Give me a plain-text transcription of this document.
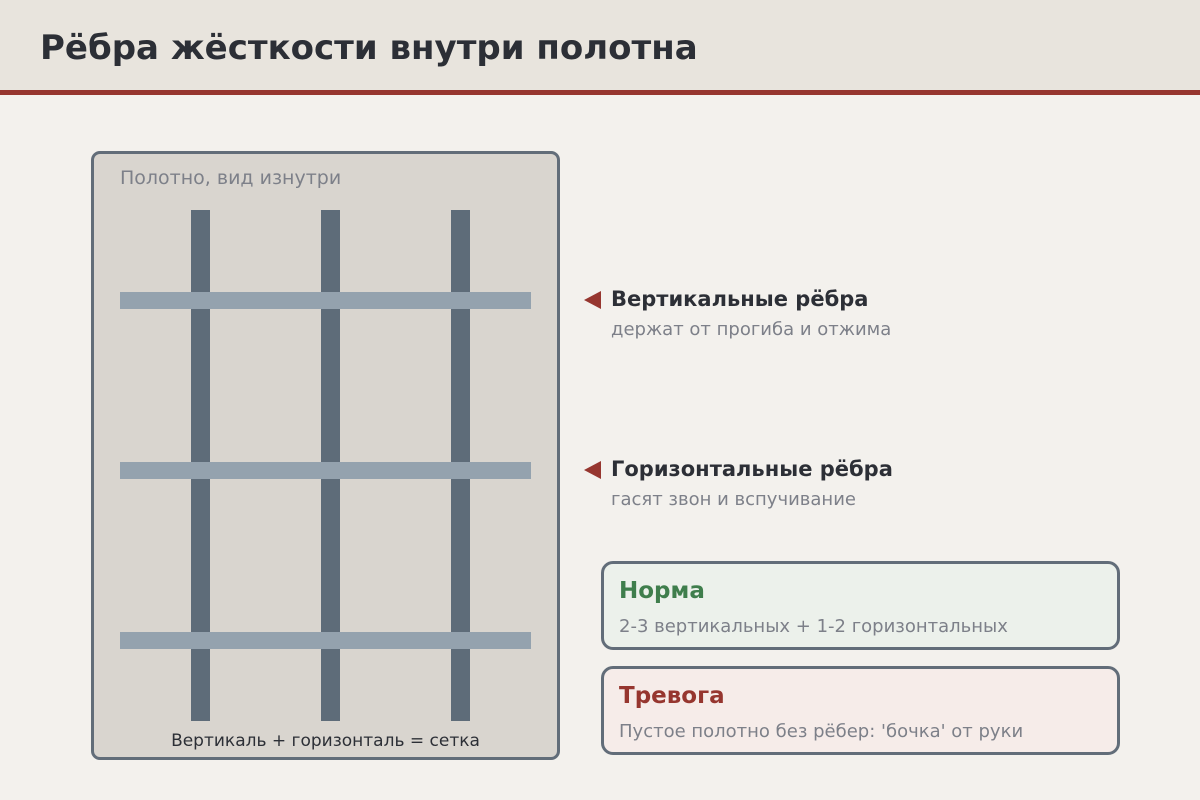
Рёбра жёсткости внутри полотна
Полотно, вид изнутри
Вертикаль + горизонталь = сетка
Вертикальные рёбра
держат от прогиба и отжима
Горизонтальные рёбра
гасят звон и вспучивание
Норма
2-3 вертикальных + 1-2 горизонтальных
Тревога
Пустое полотно без рёбер: 'бочка' от руки
